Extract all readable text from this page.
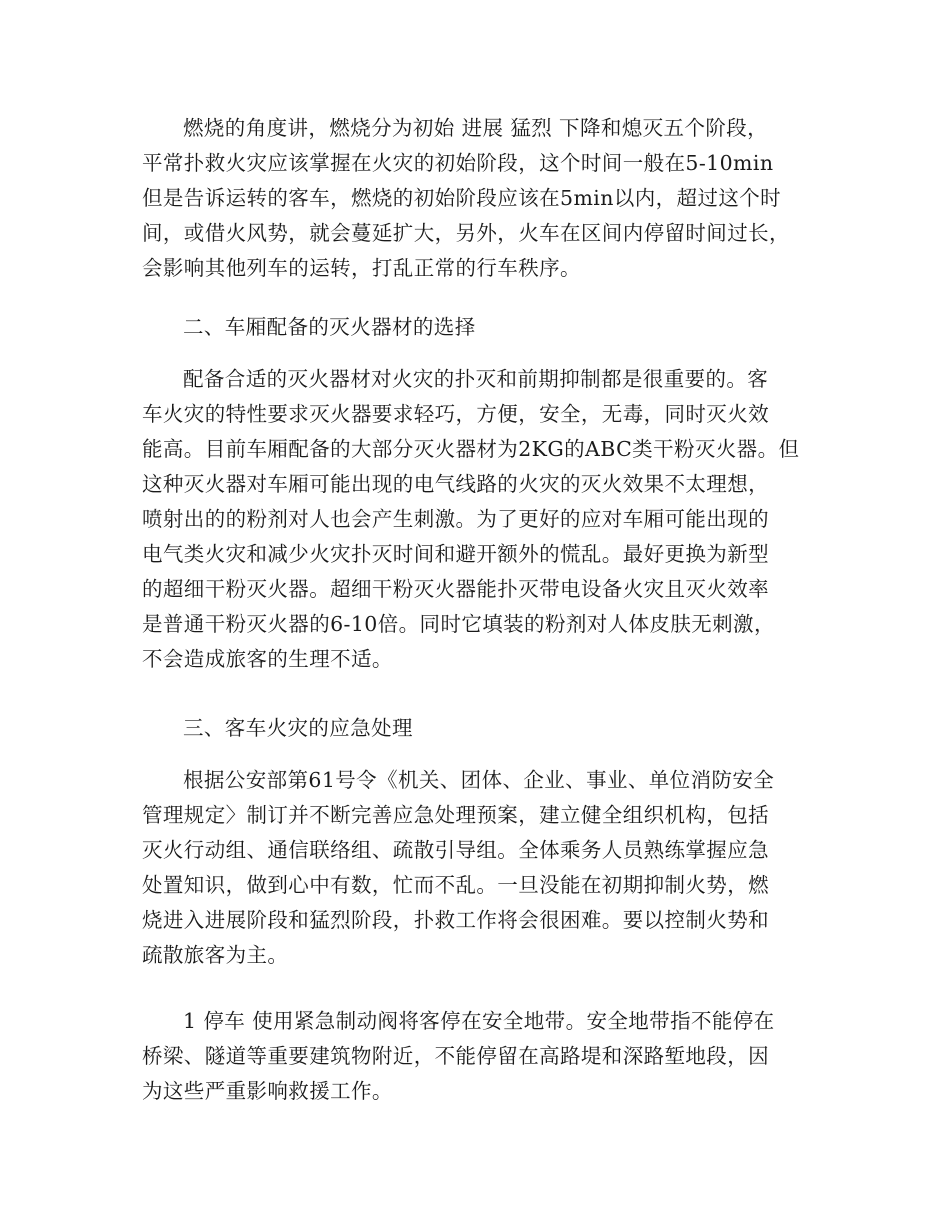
燃烧的角度讲，燃烧分为初始 进展 猛烈 下降和熄灭五个阶段，
平常扑救火灾应该掌握在火灾的初始阶段，这个时间一般在5-10min
但是告诉运转的客车，燃烧的初始阶段应该在5min以内，超过这个时
间，或借火风势，就会蔓延扩大，另外，火车在区间内停留时间过长，
会影响其他列车的运转，打乱正常的行车秩序。

二、车厢配备的灭火器材的选择

配备合适的灭火器材对火灾的扑灭和前期抑制都是很重要的。客
车火灾的特性要求灭火器要求轻巧，方便，安全，无毒，同时灭火效
能高。目前车厢配备的大部分灭火器材为2KG的ABC类干粉灭火器。但
这种灭火器对车厢可能出现的电气线路的火灾的灭火效果不太理想，
喷射出的的粉剂对人也会产生刺激。为了更好的应对车厢可能出现的
电气类火灾和减少火灾扑灭时间和避开额外的慌乱。最好更换为新型
的超细干粉灭火器。超细干粉灭火器能扑灭带电设备火灾且灭火效率
是普通干粉灭火器的6-10倍。同时它填装的粉剂对人体皮肤无刺激，
不会造成旅客的生理不适。

三、客车火灾的应急处理

根据公安部第61号令《机关、团体、企业、事业、单位消防安全
管理规定〉制订并不断完善应急处理预案，建立健全组织机构，包括
灭火行动组、通信联络组、疏散引导组。全体乘务人员熟练掌握应急
处置知识，做到心中有数，忙而不乱。一旦没能在初期抑制火势，燃
烧进入进展阶段和猛烈阶段，扑救工作将会很困难。要以控制火势和
疏散旅客为主。

1 停车 使用紧急制动阀将客停在安全地带。安全地带指不能停在
桥梁、隧道等重要建筑物附近，不能停留在高路堤和深路堑地段，因
为这些严重影响救援工作。
